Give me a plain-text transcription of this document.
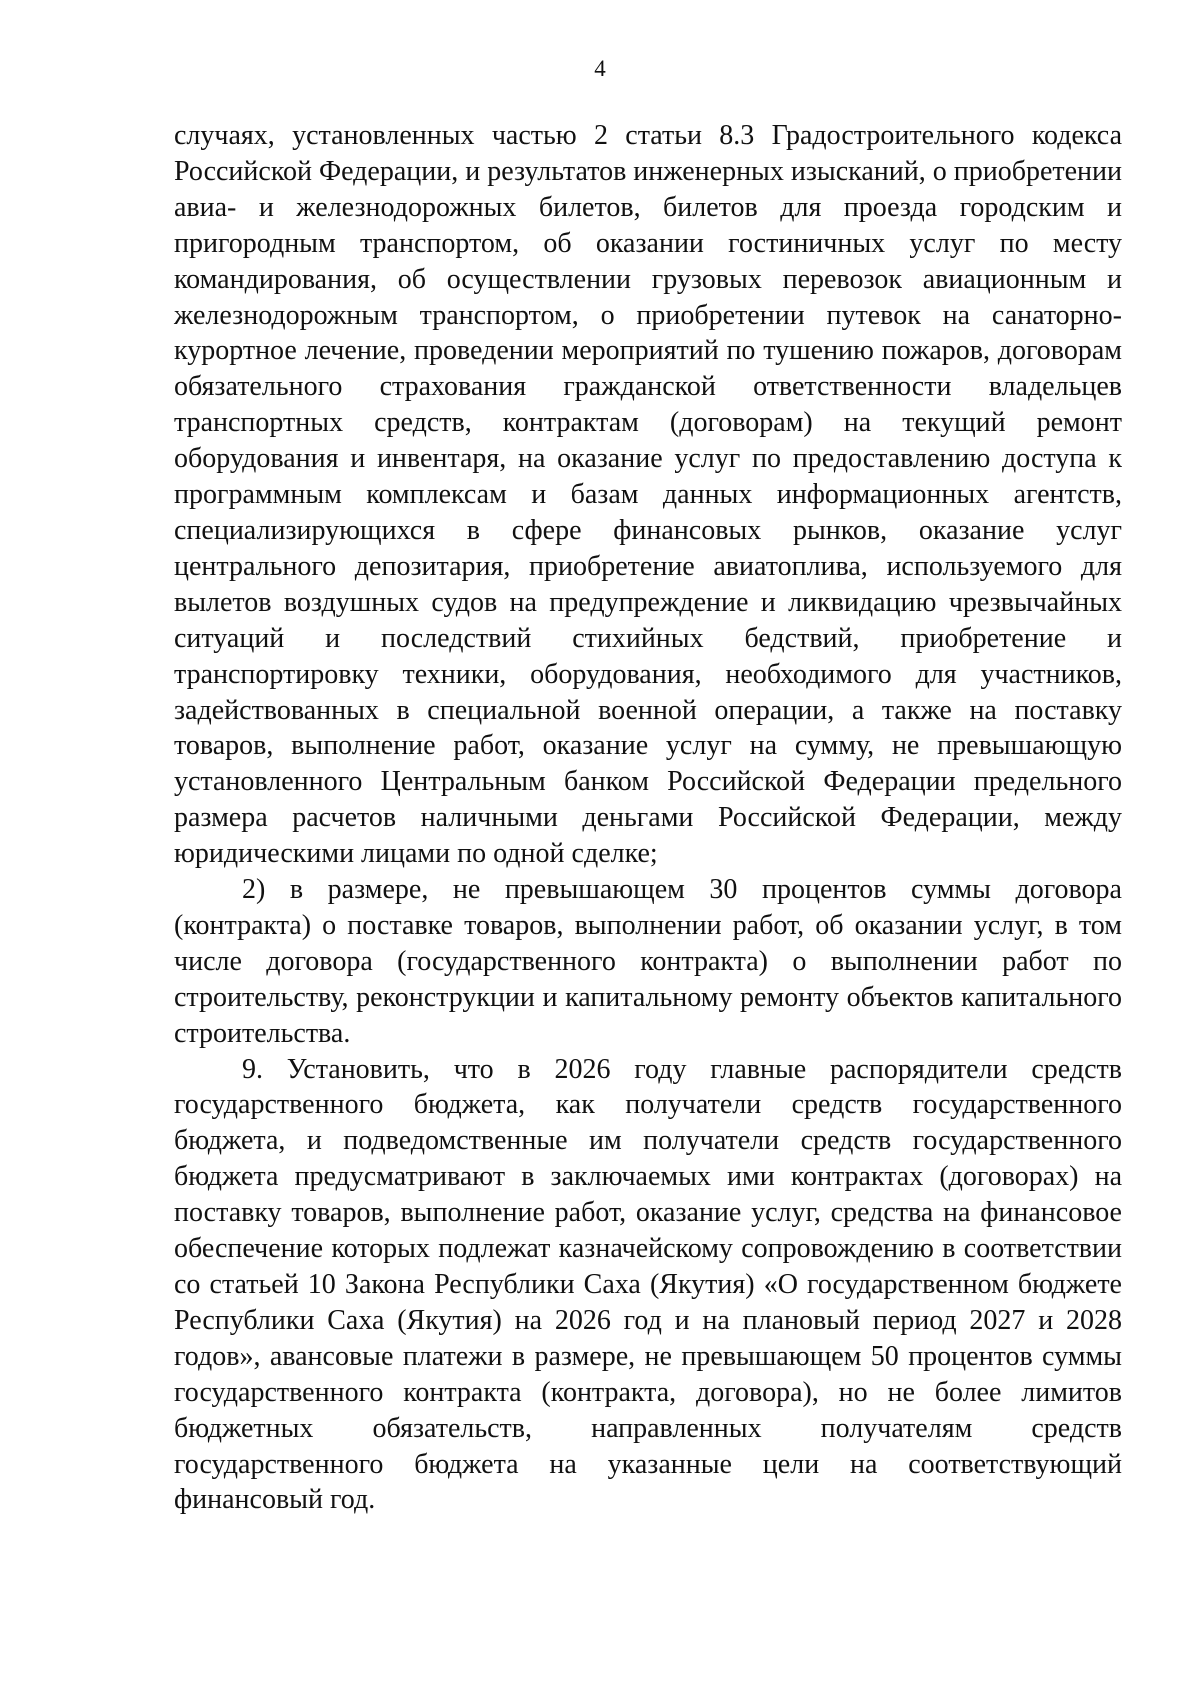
4

случаях, установленных частью 2 статьи 8.3 Градостроительного кодекса Российской Федерации, и результатов инженерных изысканий, о приобретении авиа- и железнодорожных билетов, билетов для проезда городским и пригородным транспортом, об оказании гостиничных услуг по месту командирования, об осуществлении грузовых перевозок авиационным и железнодорожным транспортом, о приобретении путевок на санаторно-курортное лечение, проведении мероприятий по тушению пожаров, договорам обязательного страхования гражданской ответственности владельцев транспортных средств, контрактам (договорам) на текущий ремонт оборудования и инвентаря, на оказание услуг по предоставлению доступа к программным комплексам и базам данных информационных агентств, специализирующихся в сфере финансовых рынков, оказание услуг центрального депозитария, приобретение авиатоплива, используемого для вылетов воздушных судов на предупреждение и ликвидацию чрезвычайных ситуаций и последствий стихийных бедствий, приобретение и транспортировку техники, оборудования, необходимого для участников, задействованных в специальной военной операции, а также на поставку товаров, выполнение работ, оказание услуг на сумму, не превышающую установленного Центральным банком Российской Федерации предельного размера расчетов наличными деньгами Российской Федерации, между юридическими лицами по одной сделке;

2) в размере, не превышающем 30 процентов суммы договора (контракта) о поставке товаров, выполнении работ, об оказании услуг, в том числе договора (государственного контракта) о выполнении работ по строительству, реконструкции и капитальному ремонту объектов капитального строительства.

9. Установить, что в 2026 году главные распорядители средств государственного бюджета, как получатели средств государственного бюджета, и подведомственные им получатели средств государственного бюджета предусматривают в заключаемых ими контрактах (договорах) на поставку товаров, выполнение работ, оказание услуг, средства на финансовое обеспечение которых подлежат казначейскому сопровождению в соответствии со статьей 10 Закона Республики Саха (Якутия) «О государственном бюджете Республики Саха (Якутия) на 2026 год и на плановый период 2027 и 2028 годов», авансовые платежи в размере, не превышающем 50 процентов суммы государственного контракта (контракта, договора), но не более лимитов бюджетных обязательств, направленных получателям средств государственного бюджета на указанные цели на соответствующий финансовый год.
